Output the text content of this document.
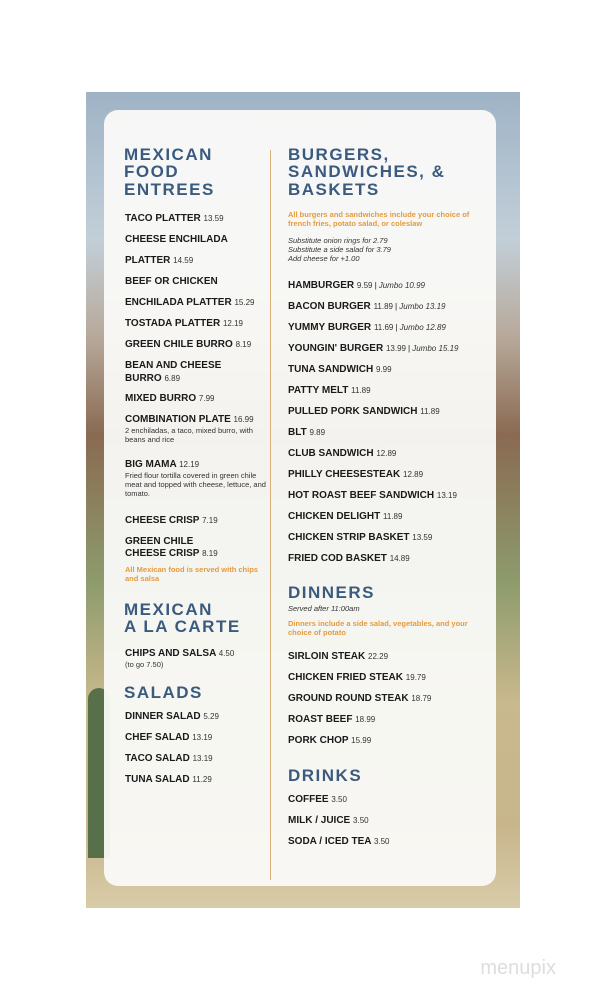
MEXICAN
FOOD
ENTREES
TACO PLATTER 13.59
CHEESE ENCHILADA
PLATTER 14.59
BEEF OR CHICKEN
ENCHILADA PLATTER 15.29
TOSTADA PLATTER 12.19
GREEN CHILE BURRO 8.19
BEAN AND CHEESE
BURRO 6.89
MIXED BURRO 7.99
COMBINATION PLATE 16.99
2 enchiladas, a taco, mixed burro, with beans and rice
BIG MAMA 12.19
Fried flour tortilla covered in green chile meat and topped with cheese, lettuce, and tomato.
CHEESE CRISP 7.19
GREEN CHILE
CHEESE CRISP 8.19
All Mexican food is served with chips and salsa
MEXICAN
A LA CARTE
CHIPS AND SALSA 4.50
(to go 7.50)
SALADS
DINNER SALAD 5.29
CHEF SALAD 13.19
TACO SALAD 13.19
TUNA SALAD 11.29
BURGERS,
SANDWICHES, &
BASKETS
All burgers and sandwiches include your choice of french fries, potato salad, or coleslaw
Substitute onion rings for 2.79
Substitute a side salad for 3.79
Add cheese for +1.00
HAMBURGER 9.59 | Jumbo 10.99
BACON BURGER 11.89 | Jumbo 13.19
YUMMY BURGER 11.69 | Jumbo 12.89
YOUNGIN' BURGER 13.99 | Jumbo 15.19
TUNA SANDWICH 9.99
PATTY MELT 11.89
PULLED PORK SANDWICH 11.89
BLT 9.89
CLUB SANDWICH 12.89
PHILLY CHEESESTEAK 12.89
HOT ROAST BEEF SANDWICH 13.19
CHICKEN DELIGHT 11.89
CHICKEN STRIP BASKET 13.59
FRIED COD BASKET 14.89
DINNERS
Served after 11:00am
Dinners include a side salad, vegetables, and your choice of potato
SIRLOIN STEAK 22.29
CHICKEN FRIED STEAK 19.79
GROUND ROUND STEAK 18.79
ROAST BEEF 18.99
PORK CHOP 15.99
DRINKS
COFFEE 3.50
MILK / JUICE 3.50
SODA / ICED TEA 3.50
menupix
